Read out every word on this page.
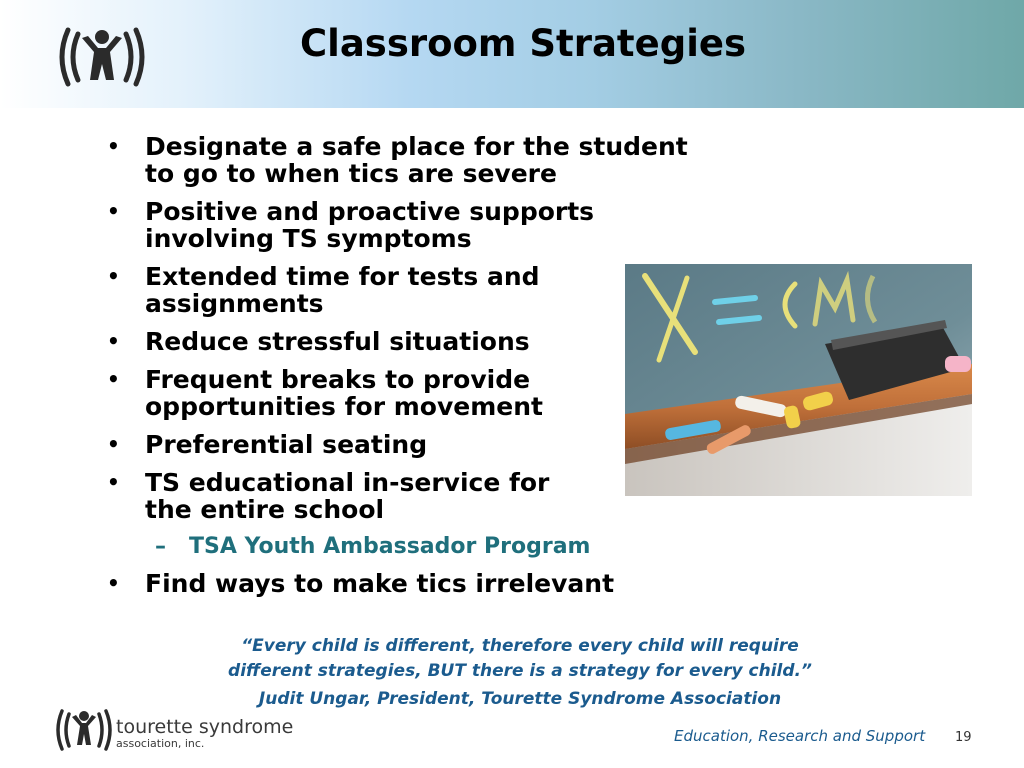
Classroom Strategies
• Designate a safe place for the student
to go to when tics are severe
• Positive and proactive supports
involving TS symptoms
• Extended time for tests and
assignments
• Reduce stressful situations
• Frequent breaks to provide
opportunities for movement
• Preferential seating
• TS educational in-service for
the entire school
– TSA Youth Ambassador Program
• Find ways to make tics irrelevant
“Every child is different, therefore every child will require
different strategies, BUT there is a strategy for every child.”
Judit Ungar, President, Tourette Syndrome Association
tourette syndrome
association, inc.	Education, Research and Support 19
